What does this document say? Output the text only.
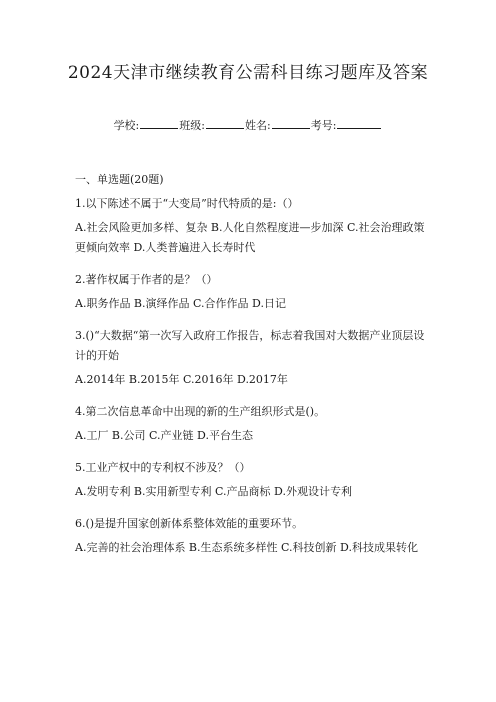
2024天津市继续教育公需科目练习题库及答案
学校:	班级:	姓名:	考号:
一、单选题(20题)

1.以下陈述不属于“大变局”时代特质的是:（）

A.社会风险更加多样、复杂 B.人化自然程度进—步加深 C.社会治理政策更倾向效率 D.人类普遍进入长寿时代

2.著作权属于作者的是？（）

A.职务作品 B.演绎作品 C.合作作品 D.日记

3.()“大数据“第一次写入政府工作报告，标志着我国对大数据产业顶层设计的开始

A.2014年 B.2015年 C.2016年 D.2017年

4.第二次信息革命中出现的新的生产组织形式是()。

A.工厂 B.公司 C.产业链 D.平台生态

5.工业产权中的专利权不涉及？（）

A.发明专利 B.实用新型专利 C.产品商标 D.外观设计专利

6.()是提升国家创新体系整体效能的重要环节。

A.完善的社会治理体系 B.生态系统多样性 C.科技创新 D.科技成果转化
